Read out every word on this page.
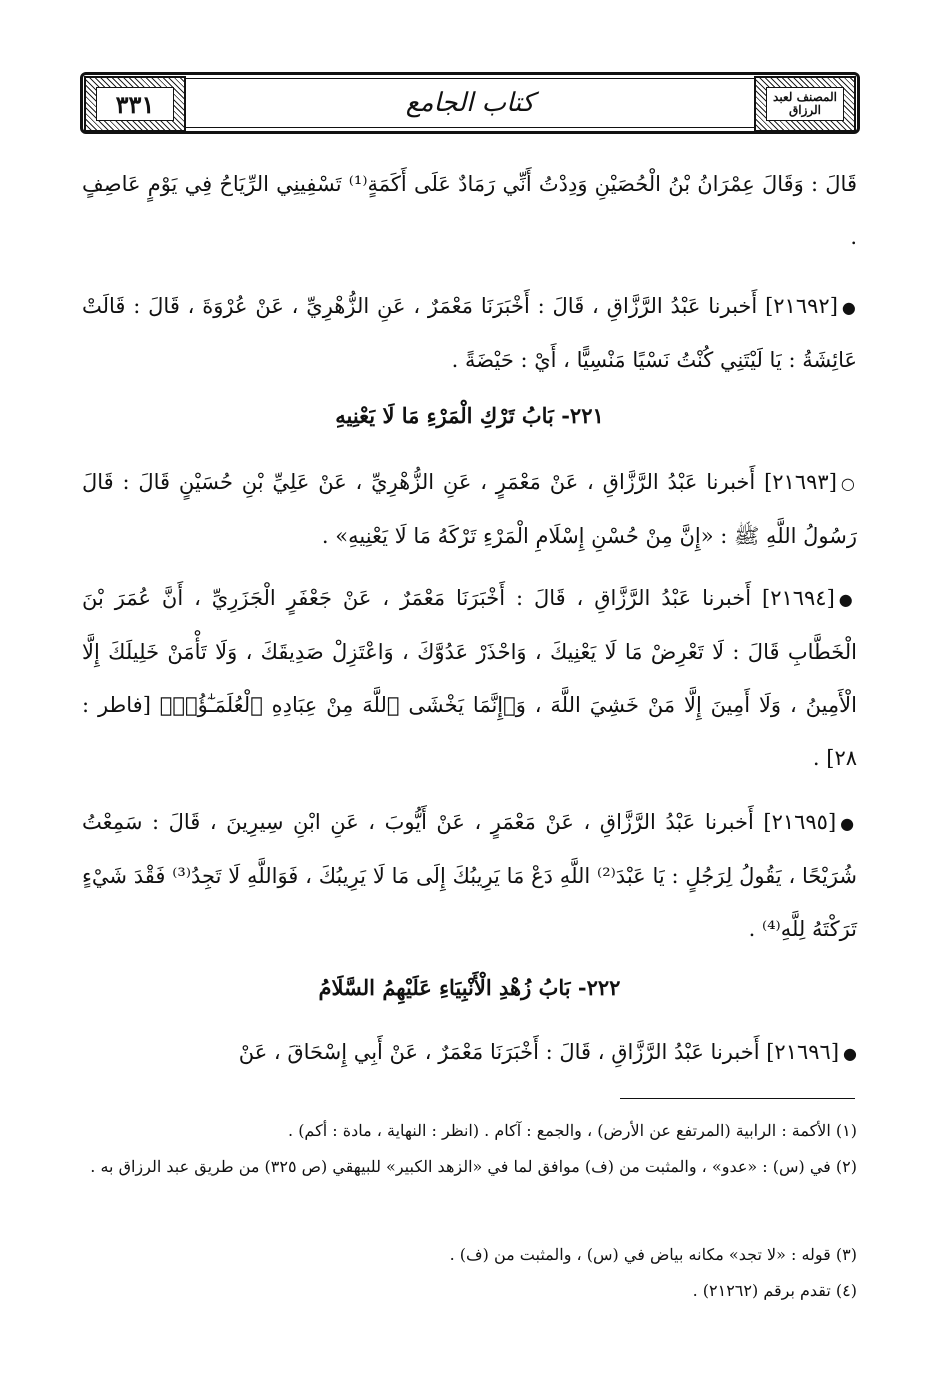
٣٣١	كتاب الجامع	المصنف لعبد الرزاق

قَالَ : وَقَالَ عِمْرَانُ بْنُ الْحُصَيْنِ وَدِدْتُ أَنِّي رَمَادٌ عَلَى أَكَمَةٍ⁽¹⁾ تَسْفِينِي الرِّيَاحُ فِي يَوْمٍ عَاصِفٍ .

●[٢١٦٩٢] أَخبرنا عَبْدُ الرَّزَّاقِ ، قَالَ : أَخْبَرَنَا مَعْمَرٌ ، عَنِ الزُّهْرِيِّ ، عَنْ عُرْوَةَ ، قَالَ : قَالَتْ عَائِشَةُ : يَا لَيْتَنِي كُنْتُ نَسْيًا مَنْسِيًّا ، أَيْ : حَيْضَةً .

٢٢١- بَابُ تَرْكِ الْمَرْءِ مَا لَا يَعْنِيهِ

○[٢١٦٩٣] أَخبرنا عَبْدُ الرَّزَّاقِ ، عَنْ مَعْمَرٍ ، عَنِ الزُّهْرِيِّ ، عَنْ عَلِيِّ بْنِ حُسَيْنٍ قَالَ : قَالَ رَسُولُ اللَّهِ ﷺ : «إِنَّ مِنْ حُسْنِ إِسْلَامِ الْمَرْءِ تَرْكَهُ مَا لَا يَعْنِيهِ» .

●[٢١٦٩٤] أَخبرنا عَبْدُ الرَّزَّاقِ ، قَالَ : أَخْبَرَنَا مَعْمَرٌ ، عَنْ جَعْفَرٍ الْجَزَرِيِّ ، أَنَّ عُمَرَ بْنَ الْخَطَّابِ قَالَ : لَا تَعْرِضْ مَا لَا يَعْنِيكَ ، وَاحْذَرْ عَدُوَّكَ ، وَاعْتَزِلْ صَدِيقَكَ ، وَلَا تَأْمَنْ خَلِيلَكَ إِلَّا الْأَمِينُ ، وَلَا أَمِينَ إِلَّا مَنْ خَشِيَ اللَّهَ ، وَ﴿إِنَّمَا يَخْشَى ٱللَّهَ مِنْ عِبَادِهِ ٱلْعُلَمَـٰٓؤُا۟﴾ [فاطر : ٢٨] .

●[٢١٦٩٥] أَخبرنا عَبْدُ الرَّزَّاقِ ، عَنْ مَعْمَرٍ ، عَنْ أَيُّوبَ ، عَنِ ابْنِ سِيرِينَ ، قَالَ : سَمِعْتُ شُرَيْحًا ، يَقُولُ لِرَجُلٍ : يَا عَبْدَ⁽²⁾ اللَّهِ دَعْ مَا يَرِيبُكَ إِلَى مَا لَا يَرِيبُكَ ، فَوَاللَّهِ لَا تَجِدُ⁽³⁾ فَقْدَ شَيْءٍ تَرَكْتَهُ لِلَّهِ⁽⁴⁾ .

٢٢٢- بَابُ زُهْدِ الْأَنْبِيَاءِ عَلَيْهِمُ السَّلَامُ

●[٢١٦٩٦] أَخبرنا عَبْدُ الرَّزَّاقِ ، قَالَ : أَخْبَرَنَا مَعْمَرٌ ، عَنْ أَبِي إِسْحَاقَ ، عَنْ

(١) الأكمة : الرابية (المرتفع عن الأرض) ، والجمع : آكام . (انظر : النهاية ، مادة : أكم) .
(٢) في (س) : «عدو» ، والمثبت من (ف) موافق لما في «الزهد الكبير» للبيهقي (ص ٣٢٥) من طريق عبد الرزاق به .
(٣) قوله : «لا تجد» مكانه بياض في (س) ، والمثبت من (ف) .
(٤) تقدم برقم (٢١٢٦٢) .
